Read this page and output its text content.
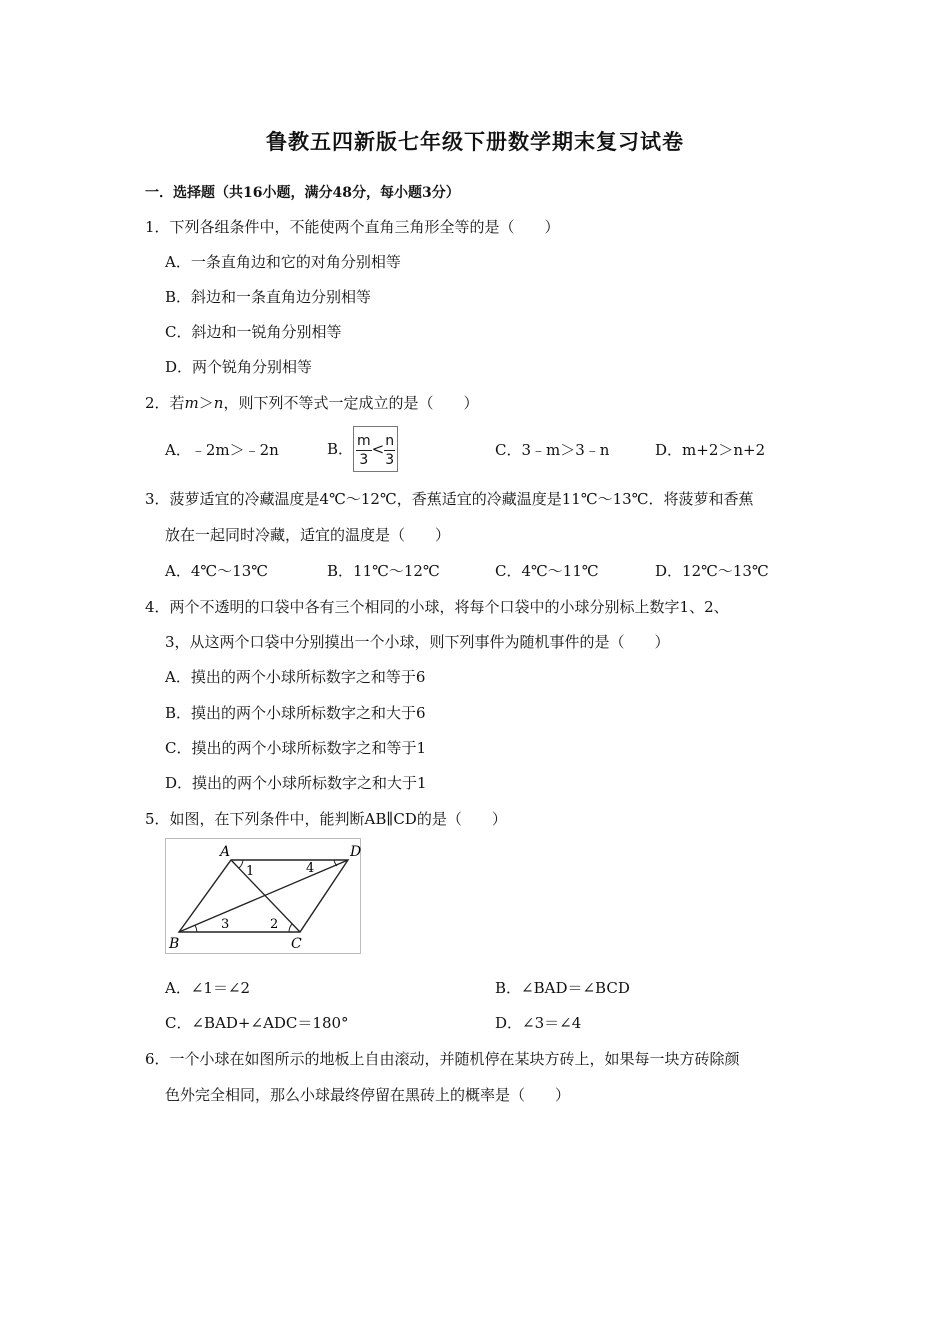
鲁教五四新版七年级下册数学期末复习试卷
一．选择题（共16小题，满分48分，每小题3分）
1．下列各组条件中，不能使两个直角三角形全等的是（　　）
A．一条直角边和它的对角分别相等
B．斜边和一条直角边分别相等
C．斜边和一锐角分别相等
D．两个锐角分别相等
2．若m＞n，则下列不等式一定成立的是（　　）
A．﹣2m＞﹣2n	B． $\frac{m}{3} < \frac{n}{3}$	C．3﹣m＞3﹣n	D．m+2＞n+2
3．菠萝适宜的冷藏温度是4℃～12℃，香蕉适宜的冷藏温度是11℃～13℃．将菠萝和香蕉
放在一起同时冷藏，适宜的温度是（　　）
A．4℃～13℃	B．11℃～12℃	C．4℃～11℃	D．12℃～13℃
4．两个不透明的口袋中各有三个相同的小球，将每个口袋中的小球分别标上数字1、2、
3，从这两个口袋中分别摸出一个小球，则下列事件为随机事件的是（　　）
A．摸出的两个小球所标数字之和等于6
B．摸出的两个小球所标数字之和大于6
C．摸出的两个小球所标数字之和等于1
D．摸出的两个小球所标数字之和大于1
5．如图，在下列条件中，能判断AB∥CD的是（　　）
A	D
B	C
1	4
3	2
A．∠1＝∠2	B．∠BAD＝∠BCD
C．∠BAD+∠ADC＝180°	D．∠3＝∠4
6．一个小球在如图所示的地板上自由滚动，并随机停在某块方砖上，如果每一块方砖除颜
色外完全相同，那么小球最终停留在黑砖上的概率是（　　）
